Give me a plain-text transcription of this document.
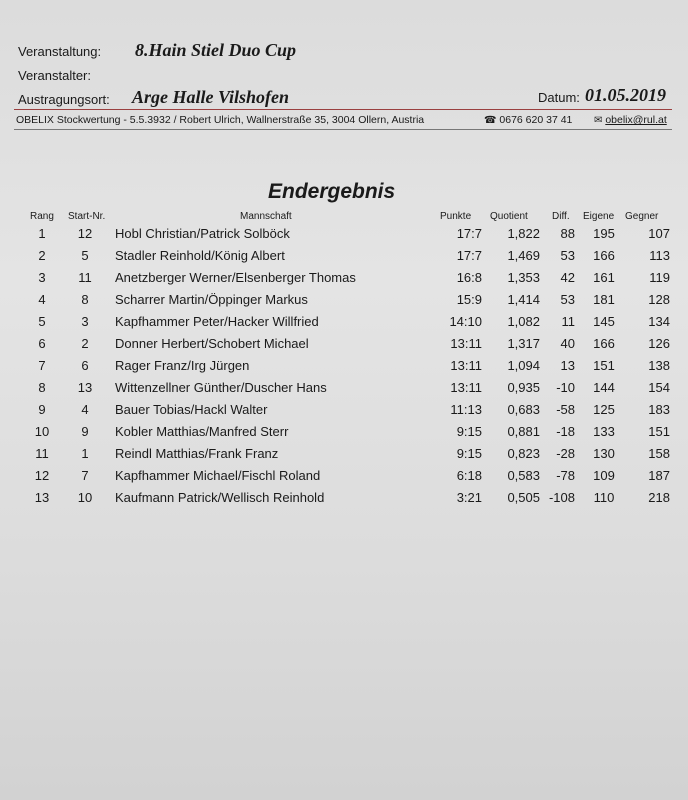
Veranstaltung: 8.Hain Stiel Duo Cup
Veranstalter:
Austragungsort: Arge Halle Vilshofen	Datum: 01.05.2019
OBELIX Stockwertung - 5.5.3932 / Robert Ulrich, Wallnerstraße 35, 3004 Ollern, Austria	☎ 0676 620 37 41 ✉ obelix@rul.at
Endergebnis
Rang Start-Nr.	Mannschaft	Punkte Quotient Diff. Eigene Gegner
1	12	Hobl Christian/Patrick Solböck	17:7	1,822	88	195	107
2	5	Stadler Reinhold/König Albert	17:7	1,469	53	166	113
3	11	Anetzberger Werner/Elsenberger Thomas	16:8	1,353	42	161	119
4	8	Scharrer Martin/Öppinger Markus	15:9	1,414	53	181	128
5	3	Kapfhammer Peter/Hacker Willfried	14:10	1,082	11	145	134
6	2	Donner Herbert/Schobert Michael	13:11	1,317	40	166	126
7	6	Rager Franz/Irg Jürgen	13:11	1,094	13	151	138
8	13	Wittenzellner Günther/Duscher Hans	13:11	0,935	-10	144	154
9	4	Bauer Tobias/Hackl Walter	11:13	0,683	-58	125	183
10	9	Kobler Matthias/Manfred Sterr	9:15	0,881	-18	133	151
11	1	Reindl Matthias/Frank Franz	9:15	0,823	-28	130	158
12	7	Kapfhammer Michael/Fischl Roland	6:18	0,583	-78	109	187
13	10	Kaufmann Patrick/Wellisch Reinhold	3:21	0,505 -108	110	218
